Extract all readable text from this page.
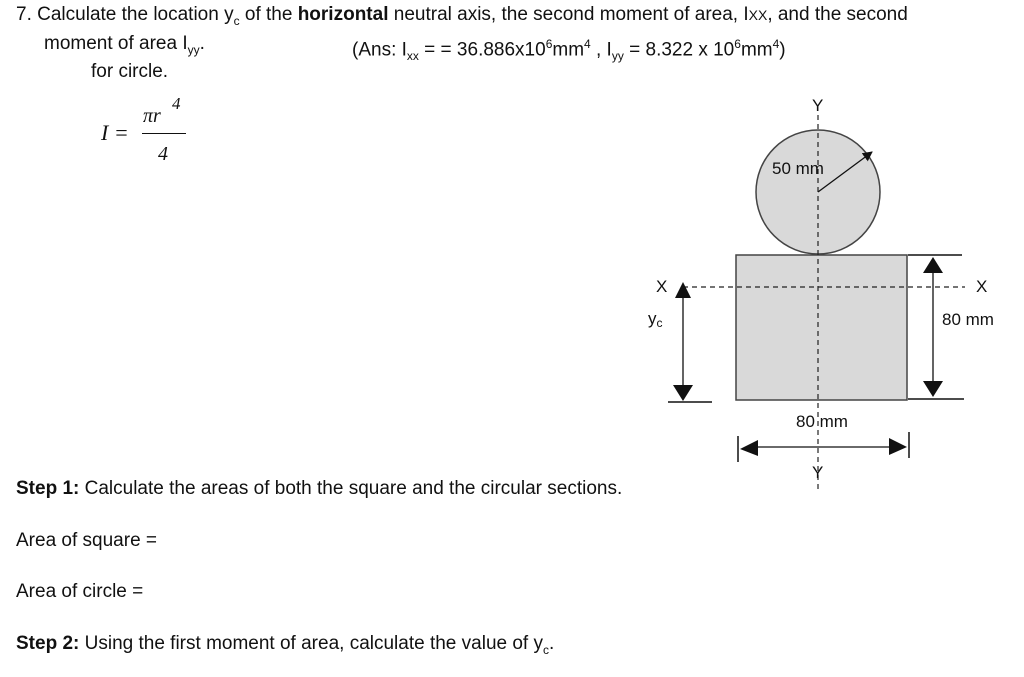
7. Calculate the location $y_c$ of the horizontal neutral axis, the second moment of area, IXX, and the second
moment of area $I_{yy}$.	(Ans: $I_{xx}$ = = $36.886x10^6mm^4$ , $I_{yy} = 8.322$ x $10^6mm^4$)
for circle.
I =
πr
4
4
Y
Y
X	X
yc
50 mm
80 mm
80 mm
Step 1: Calculate the areas of both the square and the circular sections.
Area of square =
Area of circle =
Step 2: Using the first moment of area, calculate the value of $y_c$.
